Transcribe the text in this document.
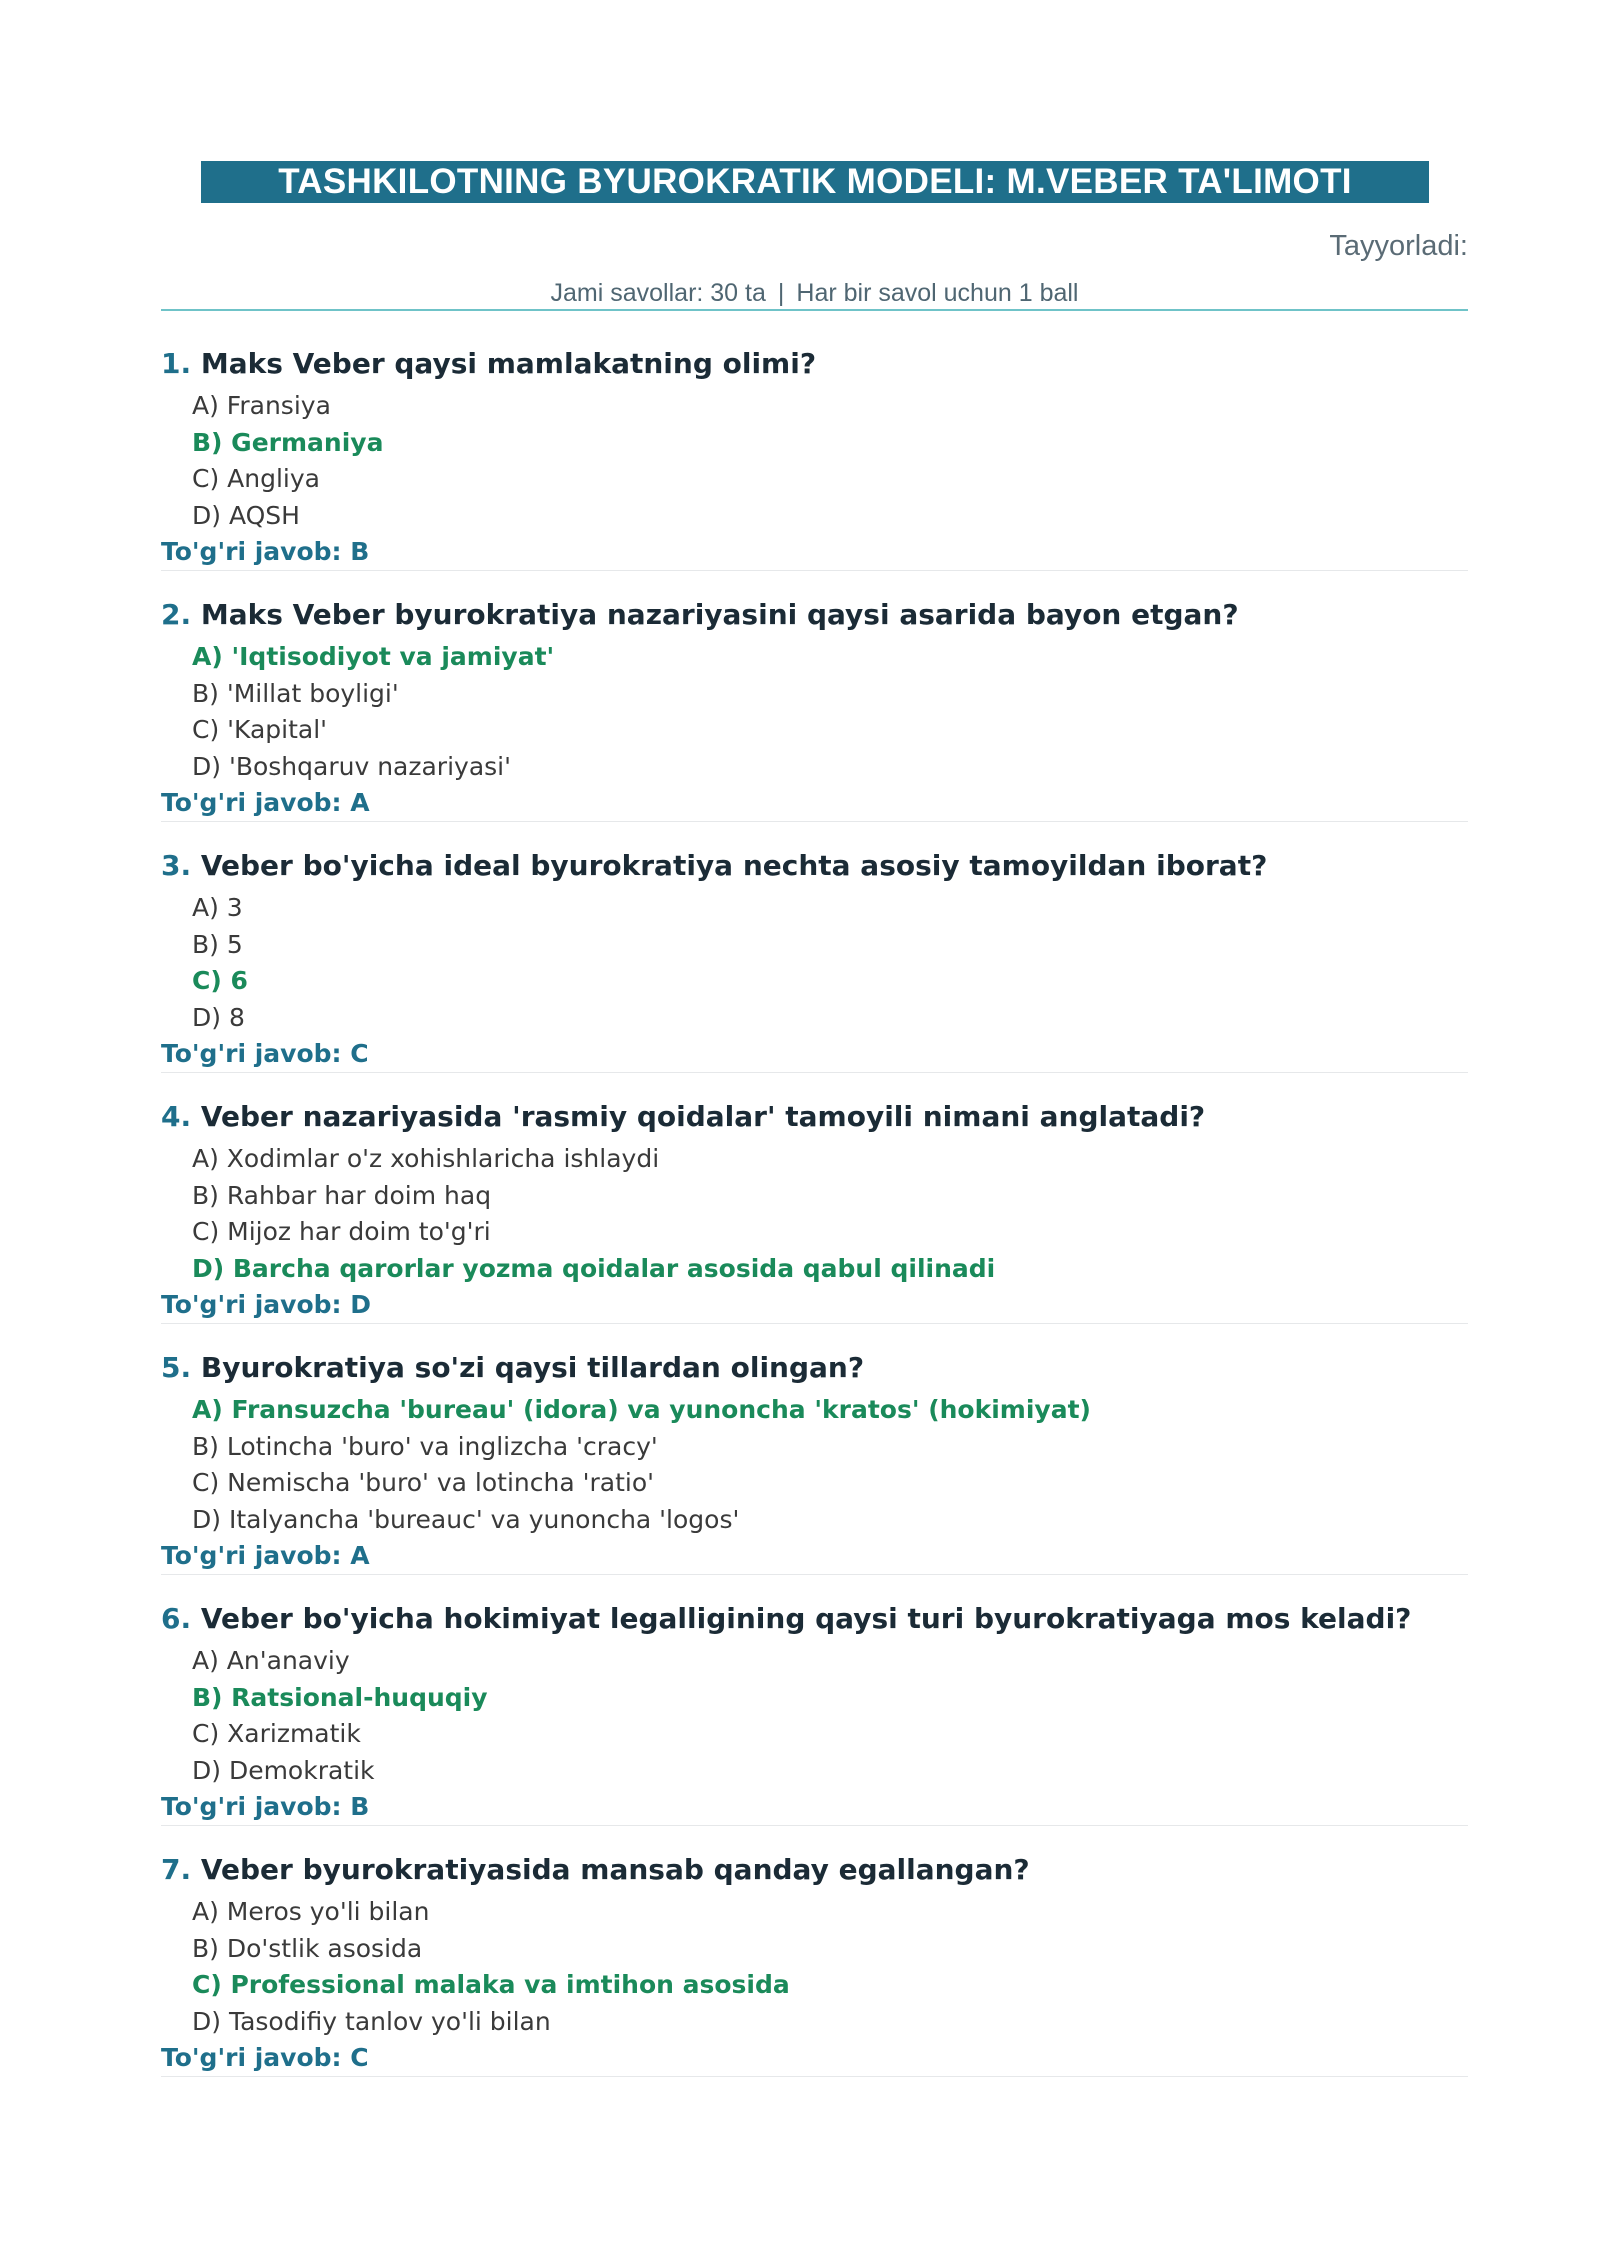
TASHKILOTNING BYUROKRATIK MODELI: M.VEBER TA'LIMOTI
Tayyorladi:
Jami savollar: 30 ta | Har bir savol uchun 1 ball
1. Maks Veber qaysi mamlakatning olimi?
A) Fransiya
B) Germaniya
C) Angliya
D) AQSH
To'g'ri javob: B
2. Maks Veber byurokratiya nazariyasini qaysi asarida bayon etgan?
A) 'Iqtisodiyot va jamiyat'
B) 'Millat boyligi'
C) 'Kapital'
D) 'Boshqaruv nazariyasi'
To'g'ri javob: A
3. Veber bo'yicha ideal byurokratiya nechta asosiy tamoyildan iborat?
A) 3
B) 5
C) 6
D) 8
To'g'ri javob: C
4. Veber nazariyasida 'rasmiy qoidalar' tamoyili nimani anglatadi?
A) Xodimlar o'z xohishlaricha ishlaydi
B) Rahbar har doim haq
C) Mijoz har doim to'g'ri
D) Barcha qarorlar yozma qoidalar asosida qabul qilinadi
To'g'ri javob: D
5. Byurokratiya so'zi qaysi tillardan olingan?
A) Fransuzcha 'bureau' (idora) va yunoncha 'kratos' (hokimiyat)
B) Lotincha 'buro' va inglizcha 'cracy'
C) Nemischa 'buro' va lotincha 'ratio'
D) Italyancha 'bureauc' va yunoncha 'logos'
To'g'ri javob: A
6. Veber bo'yicha hokimiyat legalligining qaysi turi byurokratiyaga mos keladi?
A) An'anaviy
B) Ratsional-huquqiy
C) Xarizmatik
D) Demokratik
To'g'ri javob: B
7. Veber byurokratiyasida mansab qanday egallangan?
A) Meros yo'li bilan
B) Do'stlik asosida
C) Professional malaka va imtihon asosida
D) Tasodifiy tanlov yo'li bilan
To'g'ri javob: C
